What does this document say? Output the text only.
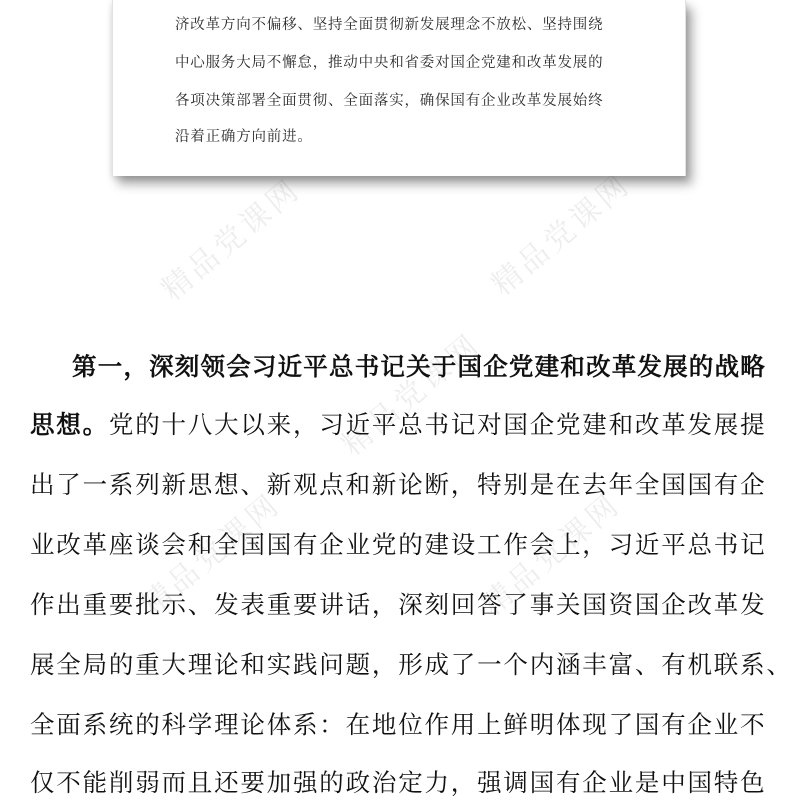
精品党课网	精品党课网
精品党课网
精品党课网	精品党课网
济改革方向不偏移、坚持全面贯彻新发展理念不放松、坚持围绕
中心服务大局不懈怠，推动中央和省委对国企党建和改革发展的
各项决策部署全面贯彻、全面落实，确保国有企业改革发展始终
沿着正确方向前进。
第一，深刻领会习近平总书记关于国企党建和改革发展的战略
思想。党的十八大以来，习近平总书记对国企党建和改革发展提
出了一系列新思想、新观点和新论断，特别是在去年全国国有企
业改革座谈会和全国国有企业党的建设工作会上，习近平总书记
作出重要批示、发表重要讲话，深刻回答了事关国资国企改革发
展全局的重大理论和实践问题，形成了一个内涵丰富、有机联系、
全面系统的科学理论体系：在地位作用上鲜明体现了国有企业不
仅不能削弱而且还要加强的政治定力，强调国有企业是中国特色
